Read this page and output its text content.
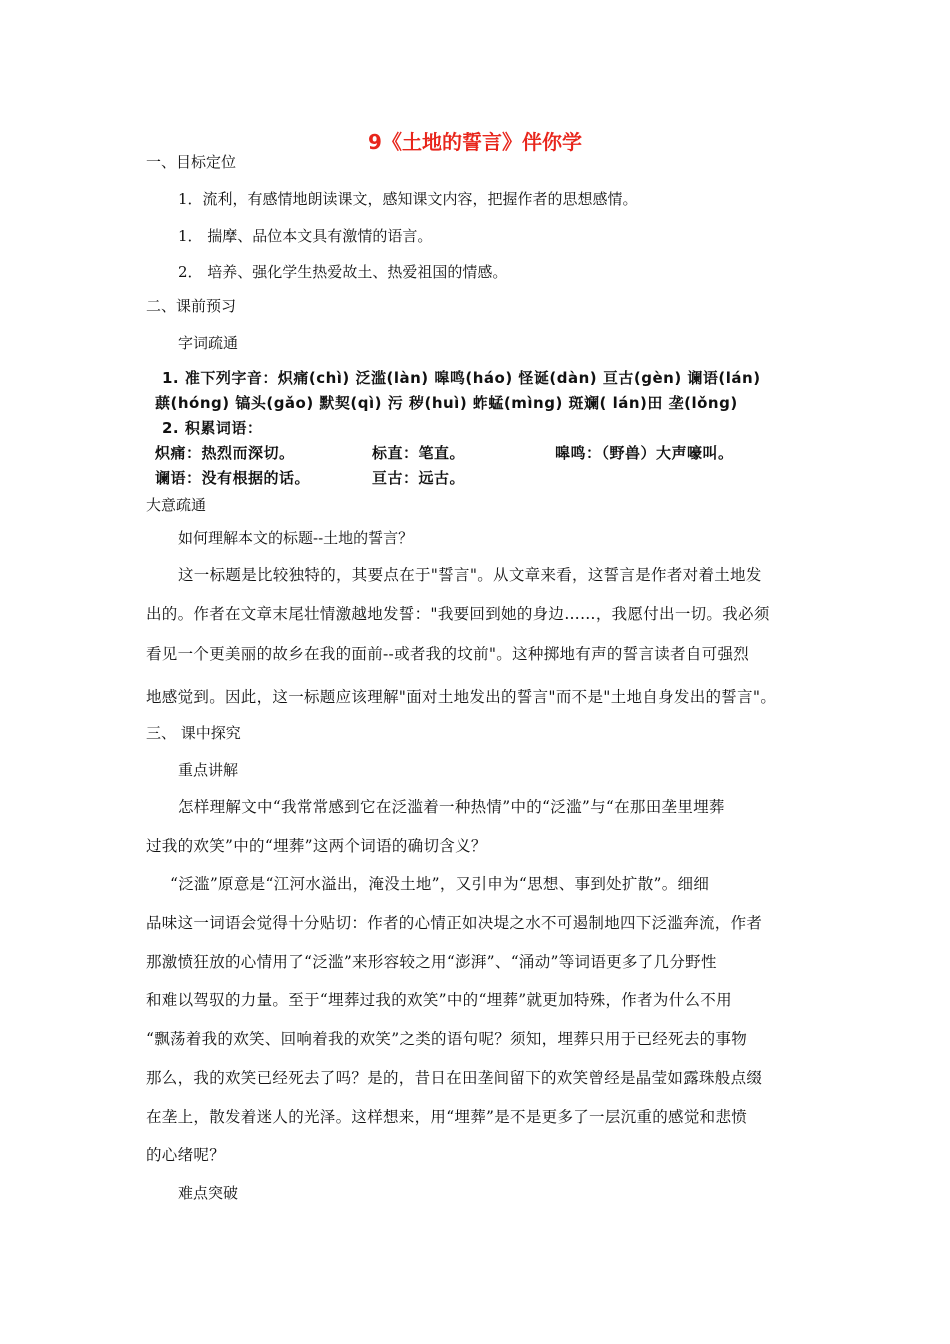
9《土地的誓言》伴你学
一、目标定位
1．流利，有感情地朗读课文，感知课文内容，把握作者的思想感情。
1． 揣摩、品位本文具有激情的语言。
2． 培养、强化学生热爱故土、热爱祖国的情感。
二、课前预习
字词疏通
1. 准下列字音：炽痛(chì) 泛滥(làn) 嗥鸣(háo) 怪诞(dàn) 亘古(gèn) 谰语(lán)
蕻(hóng) 镐头(gǎo) 默契(qì) 污 秽(huì) 蚱蜢(mìng) 斑斓( lán)田 垄(lǒng)
2. 积累词语：
炽痛：热烈而深切。	标直：笔直。	嗥鸣：（野兽）大声嚎叫。
谰语：没有根据的话。	亘古：远古。
大意疏通
如何理解本文的标题--土地的誓言？
这一标题是比较独特的，其要点在于"誓言"。从文章来看，这誓言是作者对着土地发
出的。作者在文章末尾壮情激越地发誓："我要回到她的身边……，我愿付出一切。我必须
看见一个更美丽的故乡在我的面前--或者我的坟前"。这种掷地有声的誓言读者自可强烈
地感觉到。因此，这一标题应该理解"面对土地发出的誓言"而不是"土地自身发出的誓言"。
三、 课中探究
重点讲解
怎样理解文中“我常常感到它在泛滥着一种热情”中的“泛滥”与“在那田垄里埋葬
过我的欢笑”中的“埋葬”这两个词语的确切含义？
“泛滥”原意是“江河水溢出，淹没土地”，又引申为“思想、事到处扩散”。细细
品味这一词语会觉得十分贴切：作者的心情正如决堤之水不可遏制地四下泛滥奔流，作者
那激愤狂放的心情用了“泛滥”来形容较之用“澎湃”、“涌动”等词语更多了几分野性
和难以驾驭的力量。至于“埋葬过我的欢笑”中的“埋葬”就更加特殊，作者为什么不用
“飘荡着我的欢笑、回响着我的欢笑”之类的语句呢？须知，埋葬只用于已经死去的事物
那么，我的欢笑已经死去了吗？是的，昔日在田垄间留下的欢笑曾经是晶莹如露珠般点缀
在垄上，散发着迷人的光泽。这样想来，用“埋葬”是不是更多了一层沉重的感觉和悲愤
的心绪呢？
难点突破
